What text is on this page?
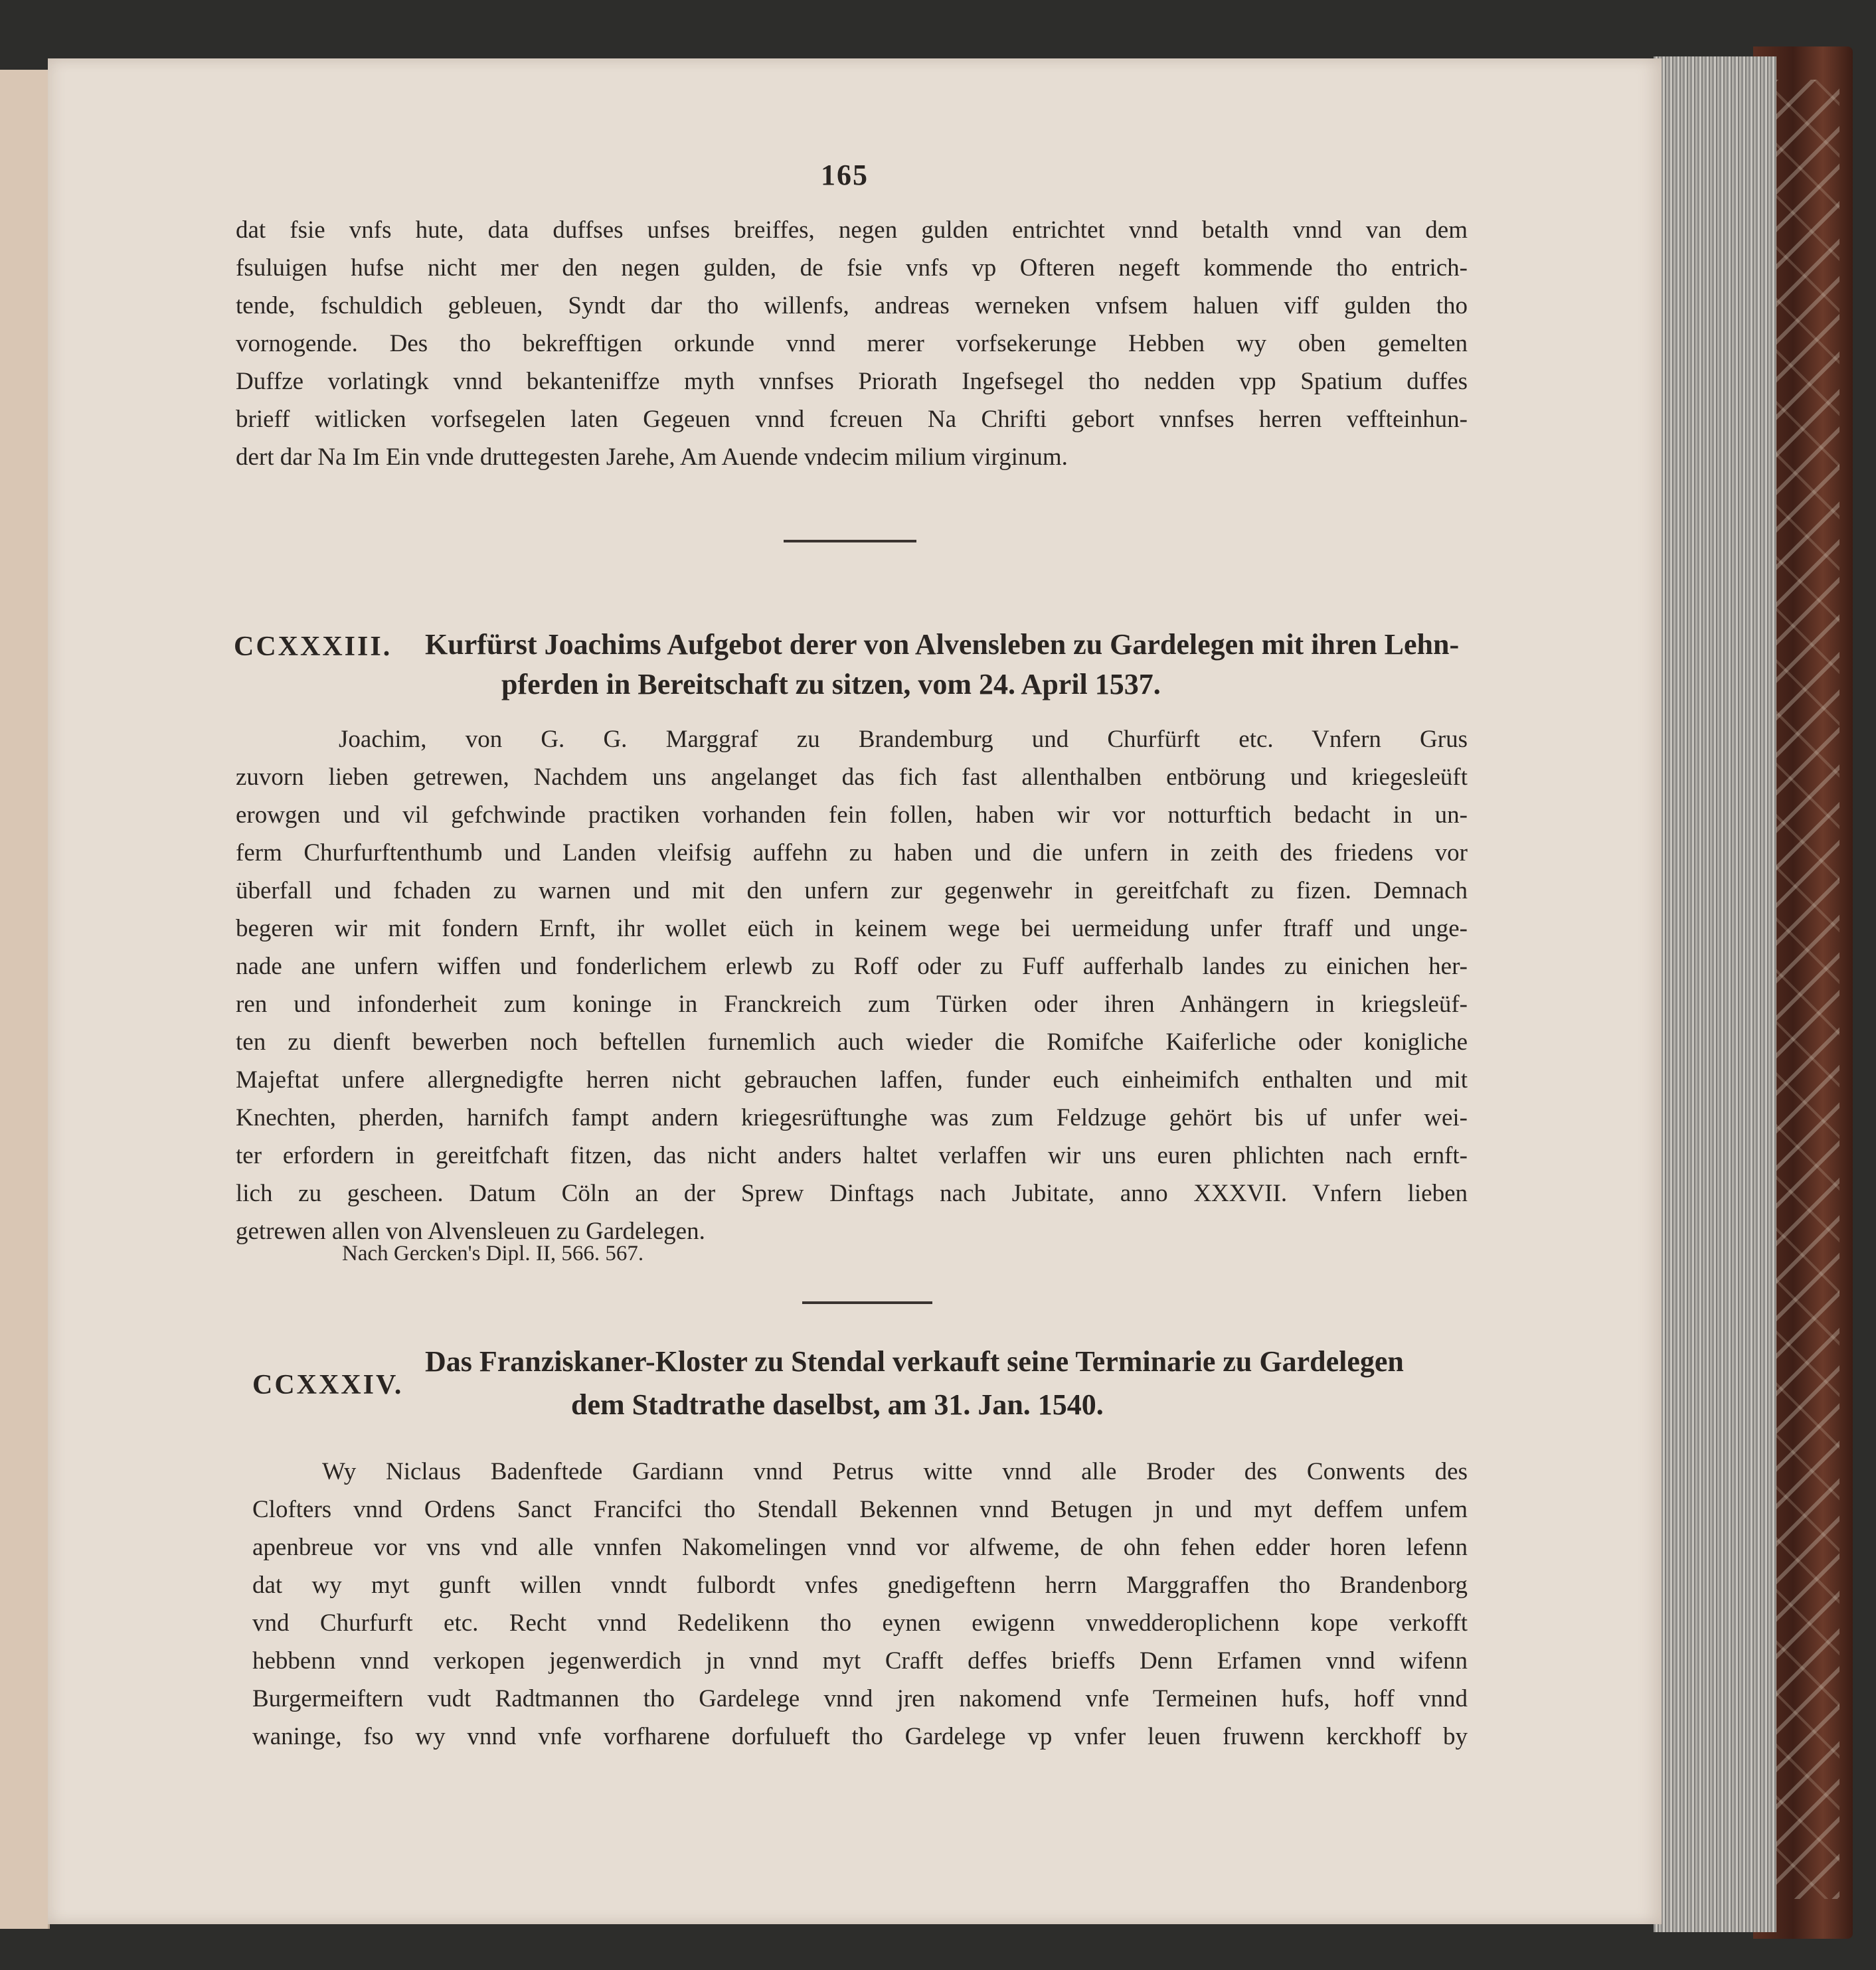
165
dat fsie vnfs hute, data duffses unfses breiffes, negen gulden entrichtet vnnd betalth vnnd van dem
fsuluigen hufse nicht mer den negen gulden, de fsie vnfs vp Ofteren negeft kommende tho entrich-
tende, fschuldich gebleuen, Syndt dar tho willenfs, andreas werneken vnfsem haluen viff gulden tho
vornogende. Des tho bekrefftigen orkunde vnnd merer vorfsekerunge Hebben wy oben gemelten
Duffze vorlatingk vnnd bekanteniffze myth vnnfses Priorath Ingefsegel tho nedden vpp Spatium duffes
brieff witlicken vorfsegelen laten Gegeuen vnnd fcreuen Na Chrifti gebort vnnfses herren veffteinhun-
dert dar Na Im Ein vnde druttegesten Jarehe, Am Auende vndecim milium virginum.
CCXXXIII. Kurfürst Joachims Aufgebot derer von Alvensleben zu Gardelegen mit ihren Lehn-
pferden in Bereitschaft zu sitzen, vom 24. April 1537.
Joachim, von G. G. Marggraf zu Brandemburg und Churfürft etc. Vnfern Grus
zuvorn lieben getrewen, Nachdem uns angelanget das fich fast allenthalben entbörung und kriegesleüft
erowgen und vil gefchwinde practiken vorhanden fein follen, haben wir vor notturftich bedacht in un-
ferm Churfurftenthumb und Landen vleifsig auffehn zu haben und die unfern in zeith des friedens vor
überfall und fchaden zu warnen und mit den unfern zur gegenwehr in gereitfchaft zu fizen. Demnach
begeren wir mit fondern Ernft, ihr wollet eüch in keinem wege bei uermeidung unfer ftraff und unge-
nade ane unfern wiffen und fonderlichem erlewb zu Roff oder zu Fuff aufferhalb landes zu einichen her-
ren und infonderheit zum koninge in Franckreich zum Türken oder ihren Anhängern in kriegsleüf-
ten zu dienft bewerben noch beftellen furnemlich auch wieder die Romifche Kaiferliche oder konigliche
Majeftat unfere allergnedigfte herren nicht gebrauchen laffen, funder euch einheimifch enthalten und mit
Knechten, pherden, harnifch fampt andern kriegesrüftunghe was zum Feldzuge gehört bis uf unfer wei-
ter erfordern in gereitfchaft fitzen, das nicht anders haltet verlaffen wir uns euren phlichten nach ernft-
lich zu gescheen. Datum Cöln an der Sprew Dinftags nach Jubitate, anno XXXVII. Vnfern lieben
getrewen allen von Alvensleuen zu Gardelegen.
Nach Gercken's Dipl. II, 566. 567.
CCXXXIV.
Das Franziskaner-Kloster zu Stendal verkauft seine Terminarie zu Gardelegen
dem Stadtrathe daselbst, am 31. Jan. 1540.
Wy Niclaus Badenftede Gardiann vnnd Petrus witte vnnd alle Broder des Conwents des
Clofters vnnd Ordens Sanct Francifci tho Stendall Bekennen vnnd Betugen jn und myt deffem unfem
apenbreue vor vns vnd alle vnnfen Nakomelingen vnnd vor alfweme, de ohn fehen edder horen lefenn
dat wy myt gunft willen vnndt fulbordt vnfes gnedigeftenn herrn Marggraffen tho Brandenborg
vnd Churfurft etc. Recht vnnd Redelikenn tho eynen ewigenn vnwedderoplichenn kope verkofft
hebbenn vnnd verkopen jegenwerdich jn vnnd myt Crafft deffes brieffs Denn Erfamen vnnd wifenn
Burgermeiftern vudt Radtmannen tho Gardelege vnnd jren nakomend vnfe Termeinen hufs, hoff vnnd
waninge, fso wy vnnd vnfe vorfharene dorfulueft tho Gardelege vp vnfer leuen fruwenn kerckhoff by
